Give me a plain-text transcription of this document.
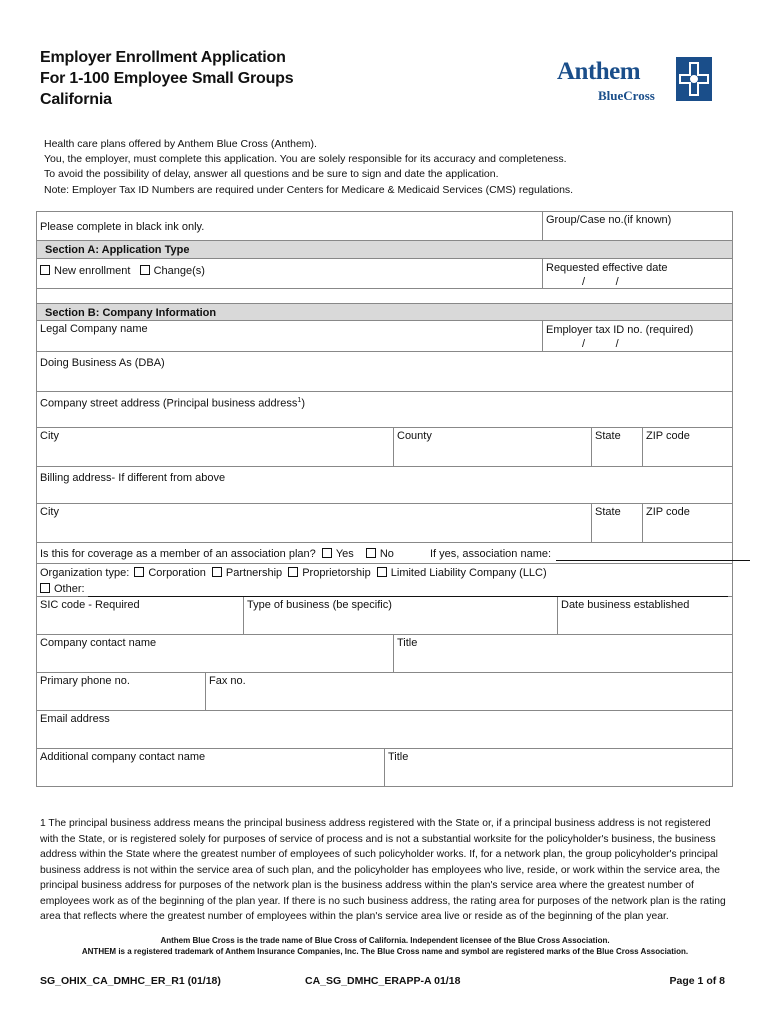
Employer Enrollment Application
For 1-100 Employee Small Groups
California
Anthem
BlueCross
Health care plans offered by Anthem Blue Cross (Anthem).
You, the employer, must complete this application. You are solely responsible for its accuracy and completeness.
To avoid the possibility of delay, answer all questions and be sure to sign and date the application.
Note: Employer Tax ID Numbers are required under Centers for Medicare & Medicaid Services (CMS) regulations.
Please complete in black ink only.
Group/Case no.(if known)
Section A: Application Type
New enrollment Change(s)	Requested effective date
/          /
Section B: Company Information
Legal Company name	Employer tax ID no. (required)
/          /
Doing Business As (DBA)
Company street address (Principal business address$^1$)
City	County	State	ZIP code
Billing address- If different from above
City	State	ZIP code
Is this for coverage as a member of an association plan? Yes No	If yes, association name:
Organization type: Corporation Partnership Proprietorship Limited Liability Company (LLC)
Other:
SIC code - Required	Type of business (be specific)	Date business established
Company contact name	Title
Primary phone no.	Fax no.
Email address
Additional company contact name	Title
1 The principal business address means the principal business address registered with the State or, if a principal business address is not registered with the State, or is registered solely for purposes of service of process and is not a substantial worksite for the policyholder's business, the business address within the State where the greatest number of employees of such policyholder works. If, for a network plan, the group policyholder's principal business address is not within the service area of such plan, and the policyholder has employees who live, reside, or work within the service area, the principal business address for purposes of the network plan is the business address within the plan's service area where the greatest number of employees work as of the beginning of the plan year. If there is no such business address, the rating area for purposes of the network plan is the rating area that reflects where the greatest number of employees within the plan's service area live or reside as of the beginning of the plan year.
Anthem Blue Cross is the trade name of Blue Cross of California. Independent licensee of the Blue Cross Association.
ANTHEM is a registered trademark of Anthem Insurance Companies, Inc. The Blue Cross name and symbol are registered marks of the Blue Cross Association.
SG_OHIX_CA_DMHC_ER_R1 (01/18)	CA_SG_DMHC_ERAPP-A 01/18	Page 1 of 8
